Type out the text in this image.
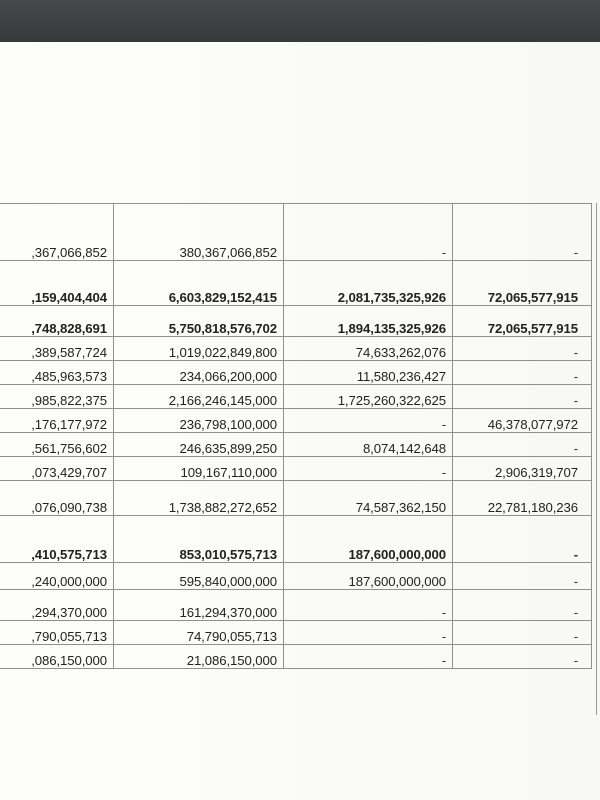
,367,066,852	380,367,066,852	-	-
,159,404,404	6,603,829,152,415	2,081,735,325,926	72,065,577,915
,748,828,691	5,750,818,576,702	1,894,135,325,926	72,065,577,915
,389,587,724	1,019,022,849,800	74,633,262,076	-
,485,963,573	234,066,200,000	11,580,236,427	-
,985,822,375	2,166,246,145,000	1,725,260,322,625	-
,176,177,972	236,798,100,000	-	46,378,077,972
,561,756,602	246,635,899,250	8,074,142,648	-
,073,429,707	109,167,110,000	-	2,906,319,707
,076,090,738	1,738,882,272,652	74,587,362,150	22,781,180,236
,410,575,713	853,010,575,713	187,600,000,000	-
,240,000,000	595,840,000,000	187,600,000,000	-
,294,370,000	161,294,370,000	-	-
,790,055,713	74,790,055,713	-	-
,086,150,000	21,086,150,000	-	-
